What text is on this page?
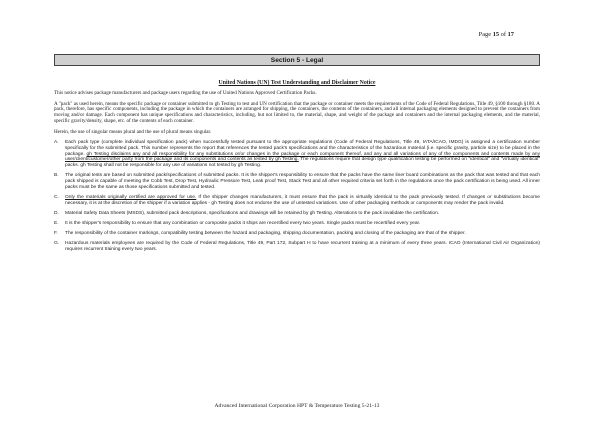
Page 15 of 17
Section 5 - Legal
United Nations (UN) Test Understanding and Disclaimer Notice
This notice advises package manufacturers and package users regarding the use of United Nations Approved Certification Packs.
A "pack" as used herein, means the specific package or container submitted to gh Testing to test and UN certification that the package or container meets the requirements of the Code of Federal Regulations, Title 49, §100 through §180. A pack, therefore, has specific components, including the package in which the containers are arranged for shipping, the containers, the contents of the containers, and all internal packaging elements designed to prevent the containers from moving and/or damage. Each component has unique specifications and characteristics, including, but not limited to, the material, shape, and weight of the package and containers and the internal packaging elements, and the material, specific gravity/density, shape, etc. of the contents of each container.
Herein, the use of singular means plural and the use of plural means singular.
A.	Each pack type (complete individual specification pack) when successfully tested pursuant to the appropriate regulations (Code of Federal Regulations, Title 49, IATA/ICAO, IMDG) is assigned a certification number specifically for the submitted pack. This number represents the report that references the tested pack's specifications and the characteristics of the hazardous material (i.e. specific gravity, particle size) to be placed in the package. gh Testing disclaims any and all responsibility for any substitutions or/or changes in the package or each component thereof, and any and all variations of any of the components and contents made by any user/client/customer/other party from the package and its components and contents as tested by gh Testing. The regulations require that design type qualification testing be performed on "identical" and "virtually identical" packs. gh Testing shall not be responsible for any use of variations not tested by gh Testing.
B.	The original tests are based on submitted pack/specifications of submitted packs. It is the shipper's responsibility to ensure that the packs have the same liner board combinations as the pack that was tested and that each pack shipped is capable of meeting the Cobb Test, Drop Test, Hydraulic Pressure Test, Leak proof Test, Stack Test and all other required criteria set forth in the regulations once the pack certification is being used. All inner packs must be the same as those specifications submitted and tested.
C.	Only the materials originally certified are approved for use. If the shipper changes manufacturers, it must ensure that the pack is virtually identical to the pack previously tested. If changes or substitutions become necessary, it is at the discretion of the shipper if a variation applies - gh Testing does not endorse the use of untested variations. Use of other packaging methods or components may render the pack invalid.
D.	Material Safety Data Sheets (MSDS), submitted pack descriptions, specifications and drawings will be retained by gh Testing. Alterations to the pack invalidate the certification.
E.	It is the shipper's responsibility to ensure that any combination or composite packs it ships are recertified every two years. Single packs must be recertified every year.
F.	The responsibility of the container markings, compatibility testing between the hazard and packaging, shipping documentation, packing and closing of the packaging are that of the shipper.
G.	Hazardous materials employees are required by the Code of Federal Regulations, Title 49, Part 172, Subpart H to have recurrent training at a minimum of every three years. ICAO (International Civil Air Organization) requires recurrent training every two years.
Advanced International Corporation HPT & Temperature Testing 5-21-13
